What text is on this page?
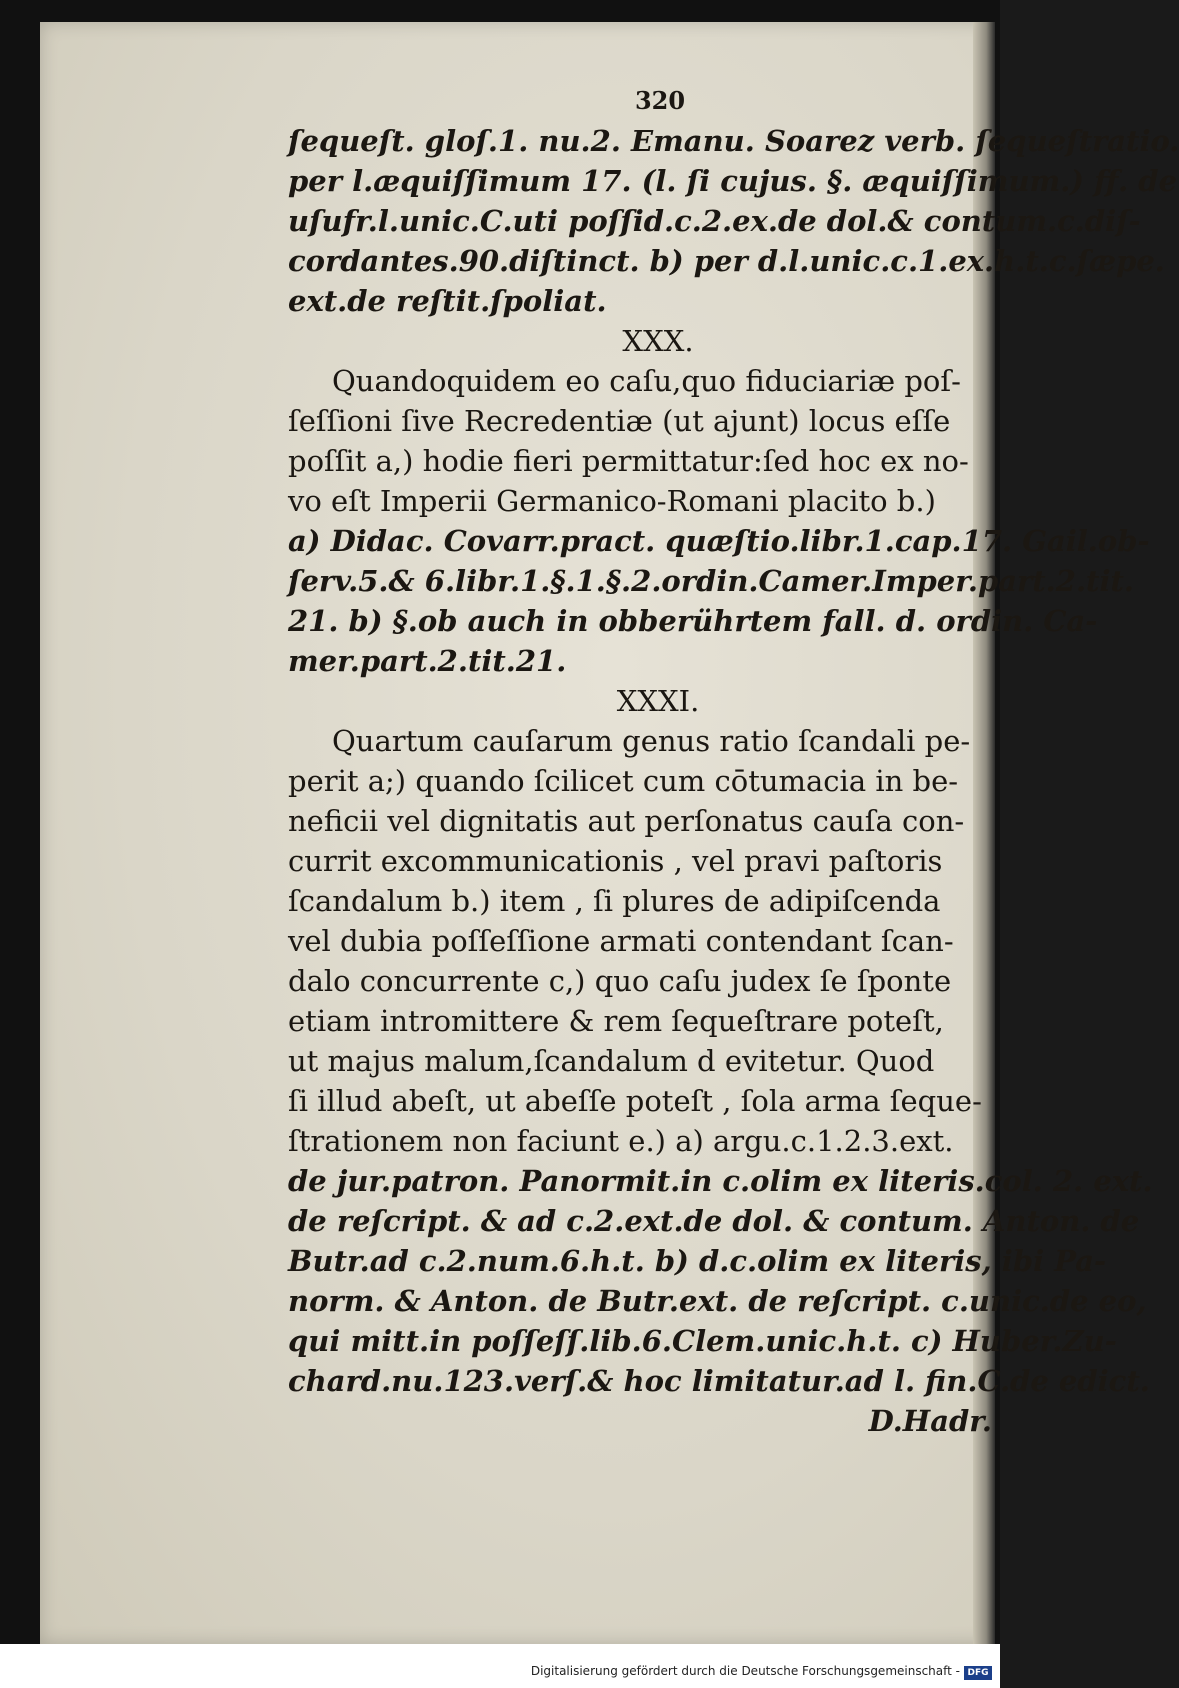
320
ſequeſt. gloſ.1. nu.2. Emanu. Soarez verb. ſequeſtratio.
per l.æquiſſimum 17. (l. ſi cujus. §. æquiſſimum.) ff. de
uſufr.l.unic.C.uti poſſid.c.2.ex.de dol.& contum.c.diſ-
cordantes.90.diſtinct. b) per d.l.unic.c.1.ex.h.t.c.ſæpe.
ext.de reſtit.ſpoliat.
XXX.
Quandoquidem eo caſu,quo fiduciariæ poſ-
ſeſſioni ſive Recredentiæ (ut ajunt) locus eſſe
poſſit a,) hodie fieri permittatur:ſed hoc ex no-
vo eſt Imperii Germanico-Romani placito b.)
a) Didac. Covarr.pract. quæſtio.libr.1.cap.17. Gail.ob-
ſerv.5.& 6.libr.1.§.1.§.2.ordin.Camer.Imper.part.2.tit.
21. b) §.ob auch in obberührtem fall. d. ordin. Ca-
mer.part.2.tit.21.
XXXI.
Quartum cauſarum genus ratio ſcandali pe-
perit a;) quando ſcilicet cum cōtumacia in be-
neficii vel dignitatis aut perſonatus cauſa con-
currit excommunicationis , vel pravi paſtoris
ſcandalum b.) item , ſi plures de adipiſcenda
vel dubia poſſeſſione armati contendant ſcan-
dalo concurrente c,) quo caſu judex ſe ſponte
etiam intromittere & rem ſequeſtrare poteſt,
ut majus malum,ſcandalum d evitetur. Quod
ſi illud abeſt, ut abeſſe poteſt , ſola arma ſeque-
ſtrationem non faciunt e.) a) argu.c.1.2.3.ext.
de jur.patron. Panormit.in c.olim ex literis.col. 2. ext.
de reſcript. & ad c.2.ext.de dol. & contum. Anton. de
Butr.ad c.2.num.6.h.t. b) d.c.olim ex literis, ibi Pa-
norm. & Anton. de Butr.ext. de reſcript. c.unic.de eo,
qui mitt.in poſſeſſ.lib.6.Clem.unic.h.t. c) Huber.Zu-
chard.nu.123.verſ.& hoc limitatur.ad l. fin.C.de edict.
D.Hadr.
Digitalisierung gefördert durch die Deutsche Forschungsgemeinschaft - DFG
